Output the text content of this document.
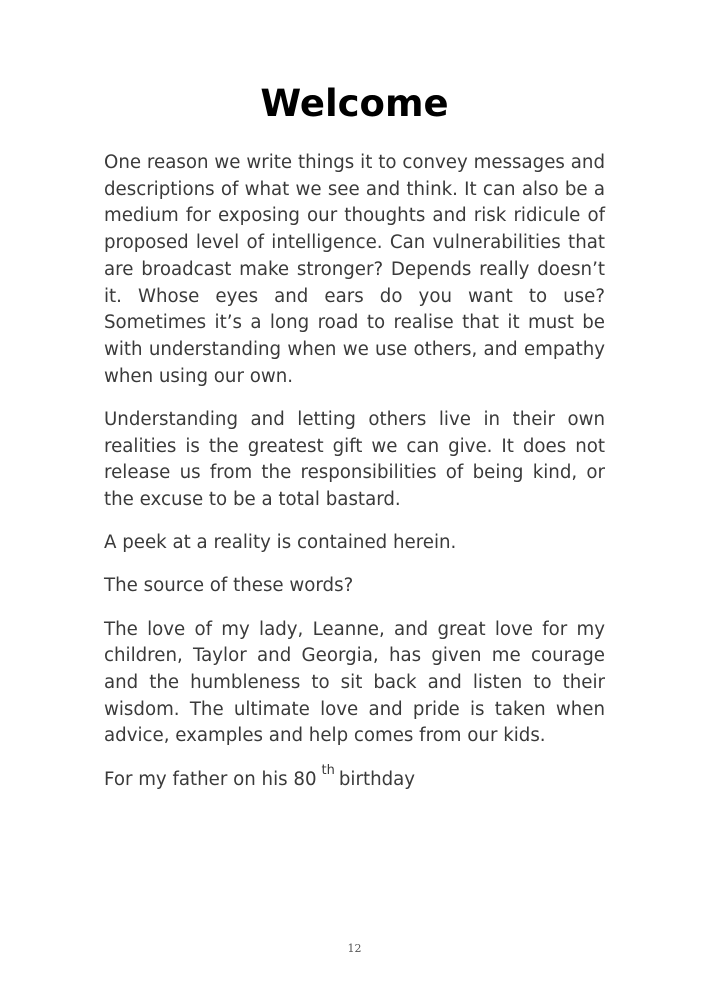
Welcome

One reason we write things it to convey messages and descriptions of what we see and think. It can also be a medium for exposing our thoughts and risk ridicule of proposed level of intelligence. Can vulnerabilities that are broadcast make stronger? Depends really doesn’t it. Whose eyes and ears do you want to use? Sometimes it’s a long road to realise that it must be with understanding when we use others, and empathy when using our own.

Understanding and letting others live in their own realities is the greatest gift we can give. It does not release us from the responsibilities of being kind, or the excuse to be a total bastard.

A peek at a reality is contained herein.

The source of these words?

The love of my lady, Leanne, and great love for my children, Taylor and Georgia, has given me courage and the humbleness to sit back and listen to their wisdom. The ultimate love and pride is taken when advice, examples and help comes from our kids.

For my father on his 80 $^{th}$ birthday

12
